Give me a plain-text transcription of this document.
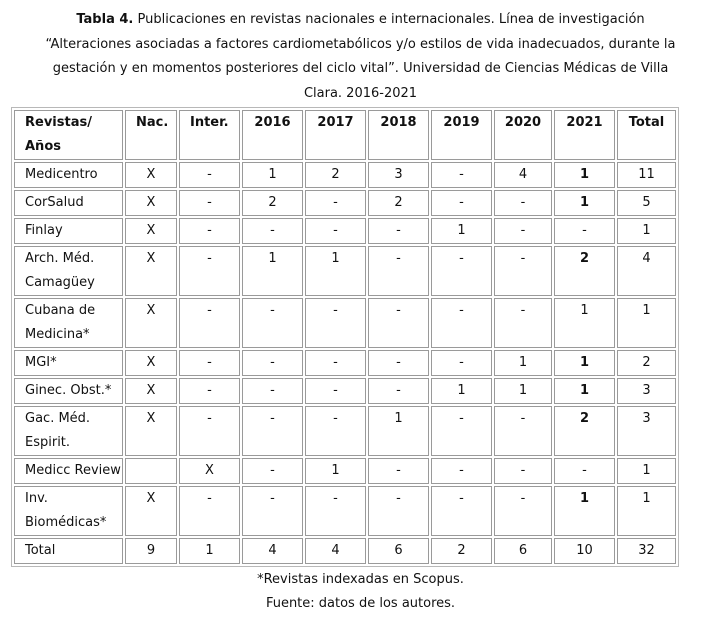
Tabla 4. Publicaciones en revistas nacionales e internacionales. Línea de investigación
“Alteraciones asociadas a factores cardiometabólicos y/o estilos de vida inadecuados, durante la
gestación y en momentos posteriores del ciclo vital”. Universidad de Ciencias Médicas de Villa
Clara. 2016-2021
Revistas/
Años	Nac.	Inter.	2016	2017	2018	2019	2020	2021	Total
Medicentro	X	-	1	2	3	-	4	1	11
CorSalud	X	-	2	-	2	-	-	1	5
Finlay	X	-	-	-	-	1	-	-	1
Arch. Méd.
Camagüey	X	-	1	1	-	-	-	2	4
Cubana de
Medicina*	X	-	-	-	-	-	-	1	1
MGI*	X	-	-	-	-	-	1	1	2
Ginec. Obst.*	X	-	-	-	-	1	1	1	3
Gac. Méd.
Espirit.	X	-	-	-	1	-	-	2	3
Medicc Review		X	-	1	-	-	-	-	1
Inv.
Biomédicas*	X	-	-	-	-	-	-	1	1
Total	9	1	4	4	6	2	6	10	32
*Revistas indexadas en Scopus.
Fuente: datos de los autores.
